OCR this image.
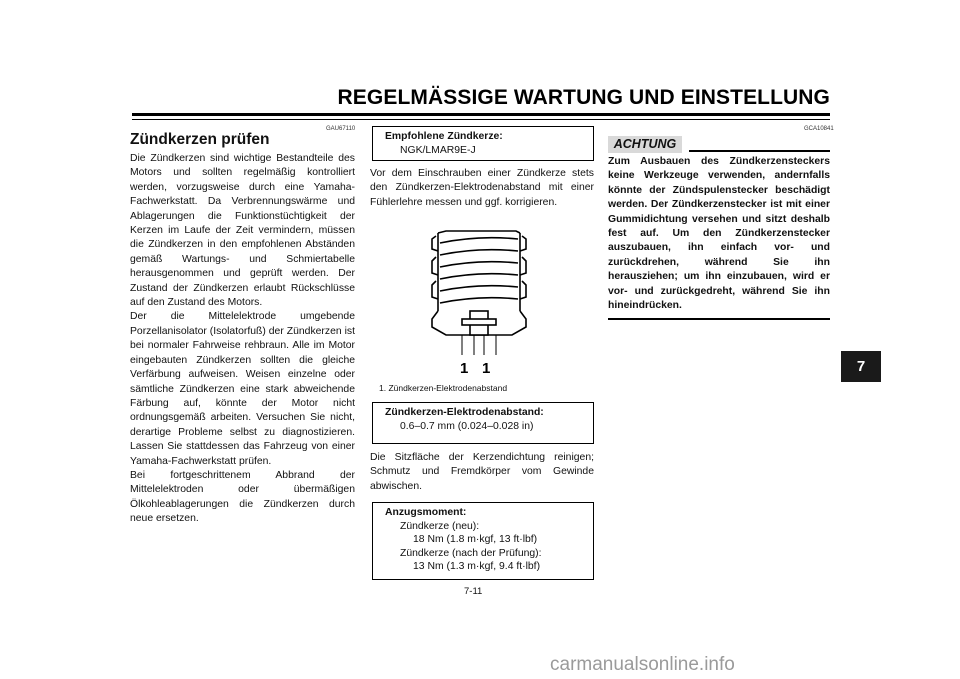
REGELMÄSSIGE WARTUNG UND EINSTELLUNG
7
GAU67110
Zündkerzen prüfen
Die Zündkerzen sind wichtige Bestandteile des Motors und sollten regelmäßig kontrolliert werden, vorzugsweise durch eine Yamaha-Fachwerkstatt. Da Verbrennungswärme und Ablagerungen die Funktionstüchtigkeit der Kerzen im Laufe der Zeit vermindern, müssen die Zündkerzen in den empfohlenen Abständen gemäß Wartungs- und Schmiertabelle herausgenommen und geprüft werden. Der Zustand der Zündkerzen erlaubt Rückschlüsse auf den Zustand des Motors.
Der die Mittelelektrode umgebende Porzellanisolator (Isolatorfuß) der Zündkerzen ist bei normaler Fahrweise rehbraun. Alle im Motor eingebauten Zündkerzen sollten die gleiche Verfärbung aufweisen. Weisen einzelne oder sämtliche Zündkerzen eine stark abweichende Färbung auf, könnte der Motor nicht ordnungsgemäß arbeiten. Versuchen Sie nicht, derartige Probleme selbst zu diagnostizieren. Lassen Sie stattdessen das Fahrzeug von einer Yamaha-Fachwerkstatt prüfen.
Bei fortgeschrittenem Abbrand der Mittelelektroden oder übermäßigen Ölkohleablagerungen die Zündkerzen durch neue ersetzen.
Empfohlene Zündkerze:
NGK/LMAR9E-J
Vor dem Einschrauben einer Zündkerze stets den Zündkerzen-Elektrodenabstand mit einer Fühlerlehre messen und ggf. korrigieren.
1 1
1. Zündkerzen-Elektrodenabstand
Zündkerzen-Elektrodenabstand:
0.6–0.7 mm (0.024–0.028 in)
Die Sitzfläche der Kerzendichtung reinigen; Schmutz und Fremdkörper vom Gewinde abwischen.
Anzugsmoment:
Zündkerze (neu):
18 Nm (1.8 m·kgf, 13 ft·lbf)
Zündkerze (nach der Prüfung):
13 Nm (1.3 m·kgf, 9.4 ft·lbf)
GCA10841
ACHTUNG
Zum Ausbauen des Zündkerzensteckers keine Werkzeuge verwenden, andernfalls könnte der Zündspulenstecker beschädigt werden. Der Zündkerzenstecker ist mit einer Gummidichtung versehen und sitzt deshalb fest auf. Um den Zündkerzenstecker auszubauen, ihn einfach vor- und zurückdrehen, während Sie ihn herausziehen; um ihn einzubauen, wird er vor- und zurückgedreht, während Sie ihn hineindrücken.
7-11
carmanualsonline.info
